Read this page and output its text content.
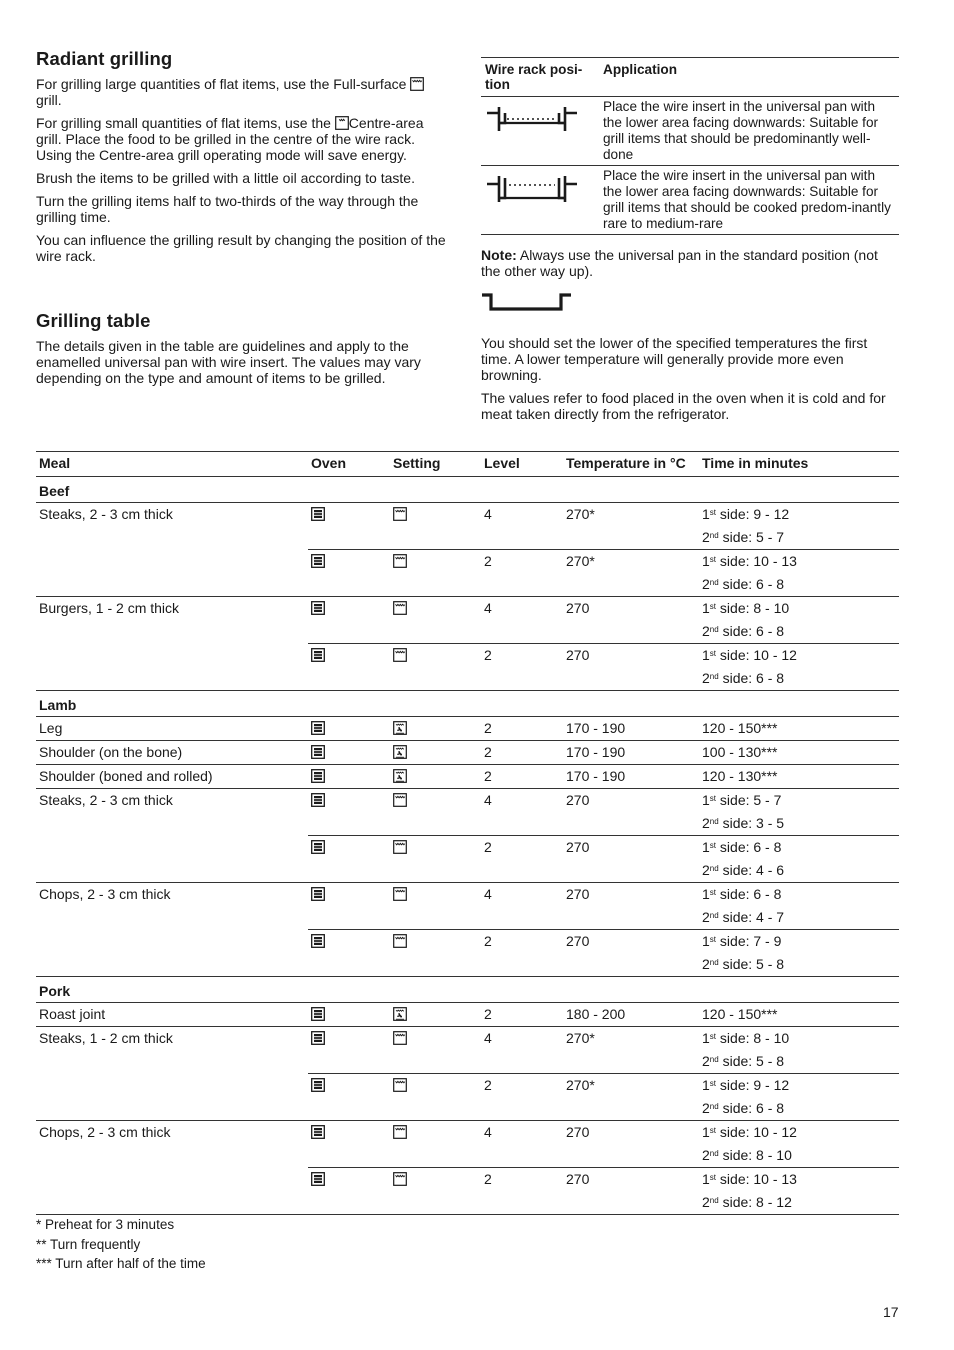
Radiant grilling

For grilling large quantities of flat items, use the Full-surface  grill.

For grilling small quantities of flat items, use the Centre-area grill. Place the food to be grilled in the centre of the wire rack. Using the Centre-area grill operating mode will save energy.

Brush the items to be grilled with a little oil according to taste.

Turn the grilling items half to two-thirds of the way through the grilling time.

You can influence the grilling result by changing the position of the wire rack.

Grilling table

The details given in the table are guidelines and apply to the enamelled universal pan with wire insert. The values may vary depending on the type and amount of items to be grilled.

Wire rack posi-tion	Application
	Place the wire insert in the universal pan with the lower area facing downwards: Suitable for grill items that should be predominantly well-done
	Place the wire insert in the universal pan with the lower area facing downwards: Suitable for grill items that should be cooked predom-inantly rare to medium-rare

Note: Always use the universal pan in the standard position (not the other way up).

You should set the lower of the specified temperatures the first time. A lower temperature will generally provide more even browning.

The values refer to food placed in the oven when it is cold and for meat taken directly from the refrigerator.

Meal	Oven	Setting	Level	Temperature in °C	Time in minutes
Beef					
Steaks, 2 - 3 cm thick			4	270*	1st side: 9 - 12
2nd side: 5 - 7

			2	270*	1st side: 10 - 13
2nd side: 6 - 8

Burgers, 1 - 2 cm thick			4	270	1st side: 8 - 10
2nd side: 6 - 8

			2	270	1st side: 10 - 12
2nd side: 6 - 8

Lamb					
Leg			2	170 - 190	120 - 150***
Shoulder (on the bone)			2	170 - 190	100 - 130***
Shoulder (boned and rolled)			2	170 - 190	120 - 130***
Steaks, 2 - 3 cm thick			4	270	1st side: 5 - 7
2nd side: 3 - 5

			2	270	1st side: 6 - 8
2nd side: 4 - 6

Chops, 2 - 3 cm thick			4	270	1st side: 6 - 8
2nd side: 4 - 7

			2	270	1st side: 7 - 9
2nd side: 5 - 8

Pork					
Roast joint			2	180 - 200	120 - 150***
Steaks, 1 - 2 cm thick			4	270*	1st side: 8 - 10
2nd side: 5 - 8

			2	270*	1st side: 9 - 12
2nd side: 6 - 8

Chops, 2 - 3 cm thick			4	270	1st side: 10 - 12
2nd side: 8 - 10

			2	270	1st side: 10 - 13
2nd side: 8 - 12
* Preheat for 3 minutes
** Turn frequently
*** Turn after half of the time
17
